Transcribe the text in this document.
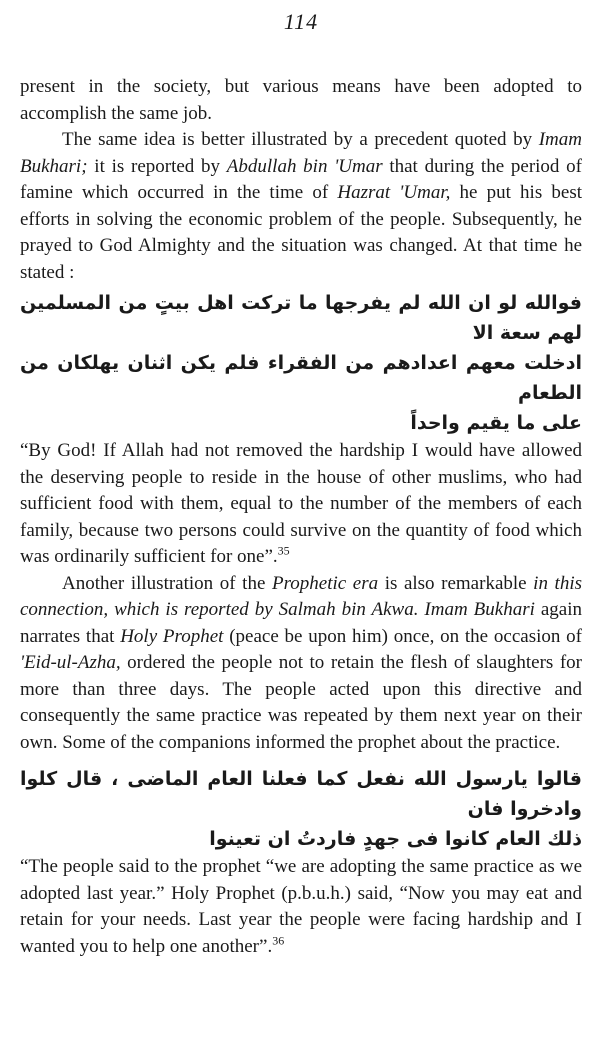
114

present in the society, but various means have been adopted to accomplish the same job.

The same idea is better illustrated by a precedent quoted by Imam Bukhari; it is reported by Abdullah bin 'Umar that during the period of famine which occurred in the time of Hazrat 'Umar, he put his best efforts in solving the economic problem of the people. Subsequently, he prayed to God Almighty and the situation was changed. At that time he stated :

فوالله لو ان الله لم يفرجها ما تركت اهل بيتٍ من المسلمين لهم سعة الا
ادخلت معهم اعدادهم من الفقراء فلم يكن اثنان يهلكان من الطعام
على ما يقيم واحداً

“By God! If Allah had not removed the hardship I would have allowed the deserving people to reside in the house of other muslims, who had sufficient food with them, equal to the number of the members of each family, because two persons could survive on the quantity of food which was ordinarily sufficient for one”.$^{35}$

Another illustration of the Prophetic era is also remarkable in this connection, which is reported by Salmah bin Akwa. Imam Bukhari again narrates that Holy Prophet (peace be upon him) once, on the occasion of 'Eid-ul-Azha, ordered the people not to retain the flesh of slaughters for more than three days. The people acted upon this directive and consequently the same practice was repeated by them next year on their own. Some of the companions informed the prophet about the practice.

قالوا يارسول الله نفعل كما فعلنا العام الماضى ، قال كلوا وادخروا فان
ذلك العام كانوا فى جهدٍ فاردتُ ان تعينوا

“The people said to the prophet “we are adopting the same practice as we adopted last year.” Holy Prophet (p.b.u.h.) said, “Now you may eat and retain for your needs. Last year the people were facing hardship and I wanted you to help one another”.$^{36}$
